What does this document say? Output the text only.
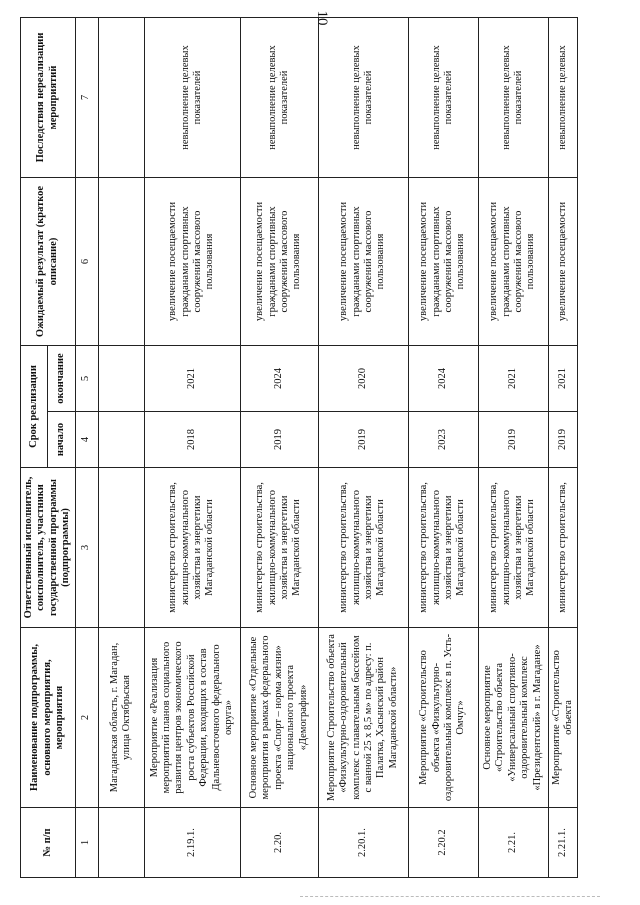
10
№ п/п	Наименование подпрограммы, основного мероприятия, мероприятия	Ответственный исполнитель, соисполнитель, участники государственной программы (подпрограммы)	Срок реализации		Ожидаемый результат (краткое описание)	Последствия нереализации мероприятий
			начало	окончание		
1	2	3	4	5	6	7
	Магаданская область, г. Магадан, улица Октябрьская					
2.19.1.	Мероприятие «Реализация мероприятий планов социального развития центров экономического роста субъектов Российской Федерации, входящих в состав Дальневосточного федерального округа»	министерство строительства, жилищно-коммунального хозяйства и энергетики Магаданской области	2018	2021	увеличение посещаемости гражданами спортивных сооружений массового пользования	невыполнение целевых показателей
2.20.	Основное мероприятие «Отдельные мероприятия в рамках федерального проекта «Спорт – норма жизни» национального проекта «Демография»	министерство строительства, жилищно-коммунального хозяйства и энергетики Магаданской области	2019	2024	увеличение посещаемости гражданами спортивных сооружений массового пользования	невыполнение целевых показателей
2.20.1.	Мероприятие Строительство объекта «Физкультурно-оздоровительный комплекс с плавательным бассейном с ванной 25 х 8,5 м» по адресу: п. Палатка, Хасынский район Магаданской области»	министерство строительства, жилищно-коммунального хозяйства и энергетики Магаданской области	2019	2020	увеличение посещаемости гражданами спортивных сооружений массового пользования	невыполнение целевых показателей
2.20.2	Мероприятие «Строительство объекта «Физкультурно-оздоровительный комплекс в п. Усть-Омчуг»	министерство строительства, жилищно-коммунального хозяйства и энергетики Магаданской области	2023	2024	увеличение посещаемости гражданами спортивных сооружений массового пользования	невыполнение целевых показателей
2.21.	Основное мероприятие «Строительство объекта «Универсальный спортивно-оздоровительный комплекс «Президентский» в г. Магадане»	министерство строительства, жилищно-коммунального хозяйства и энергетики Магаданской области	2019	2021	увеличение посещаемости гражданами спортивных сооружений массового пользования	невыполнение целевых показателей
2.21.1.	Мероприятие «Строительство объекта	министерство строительства,	2019	2021	увеличение посещаемости	невыполнение целевых
